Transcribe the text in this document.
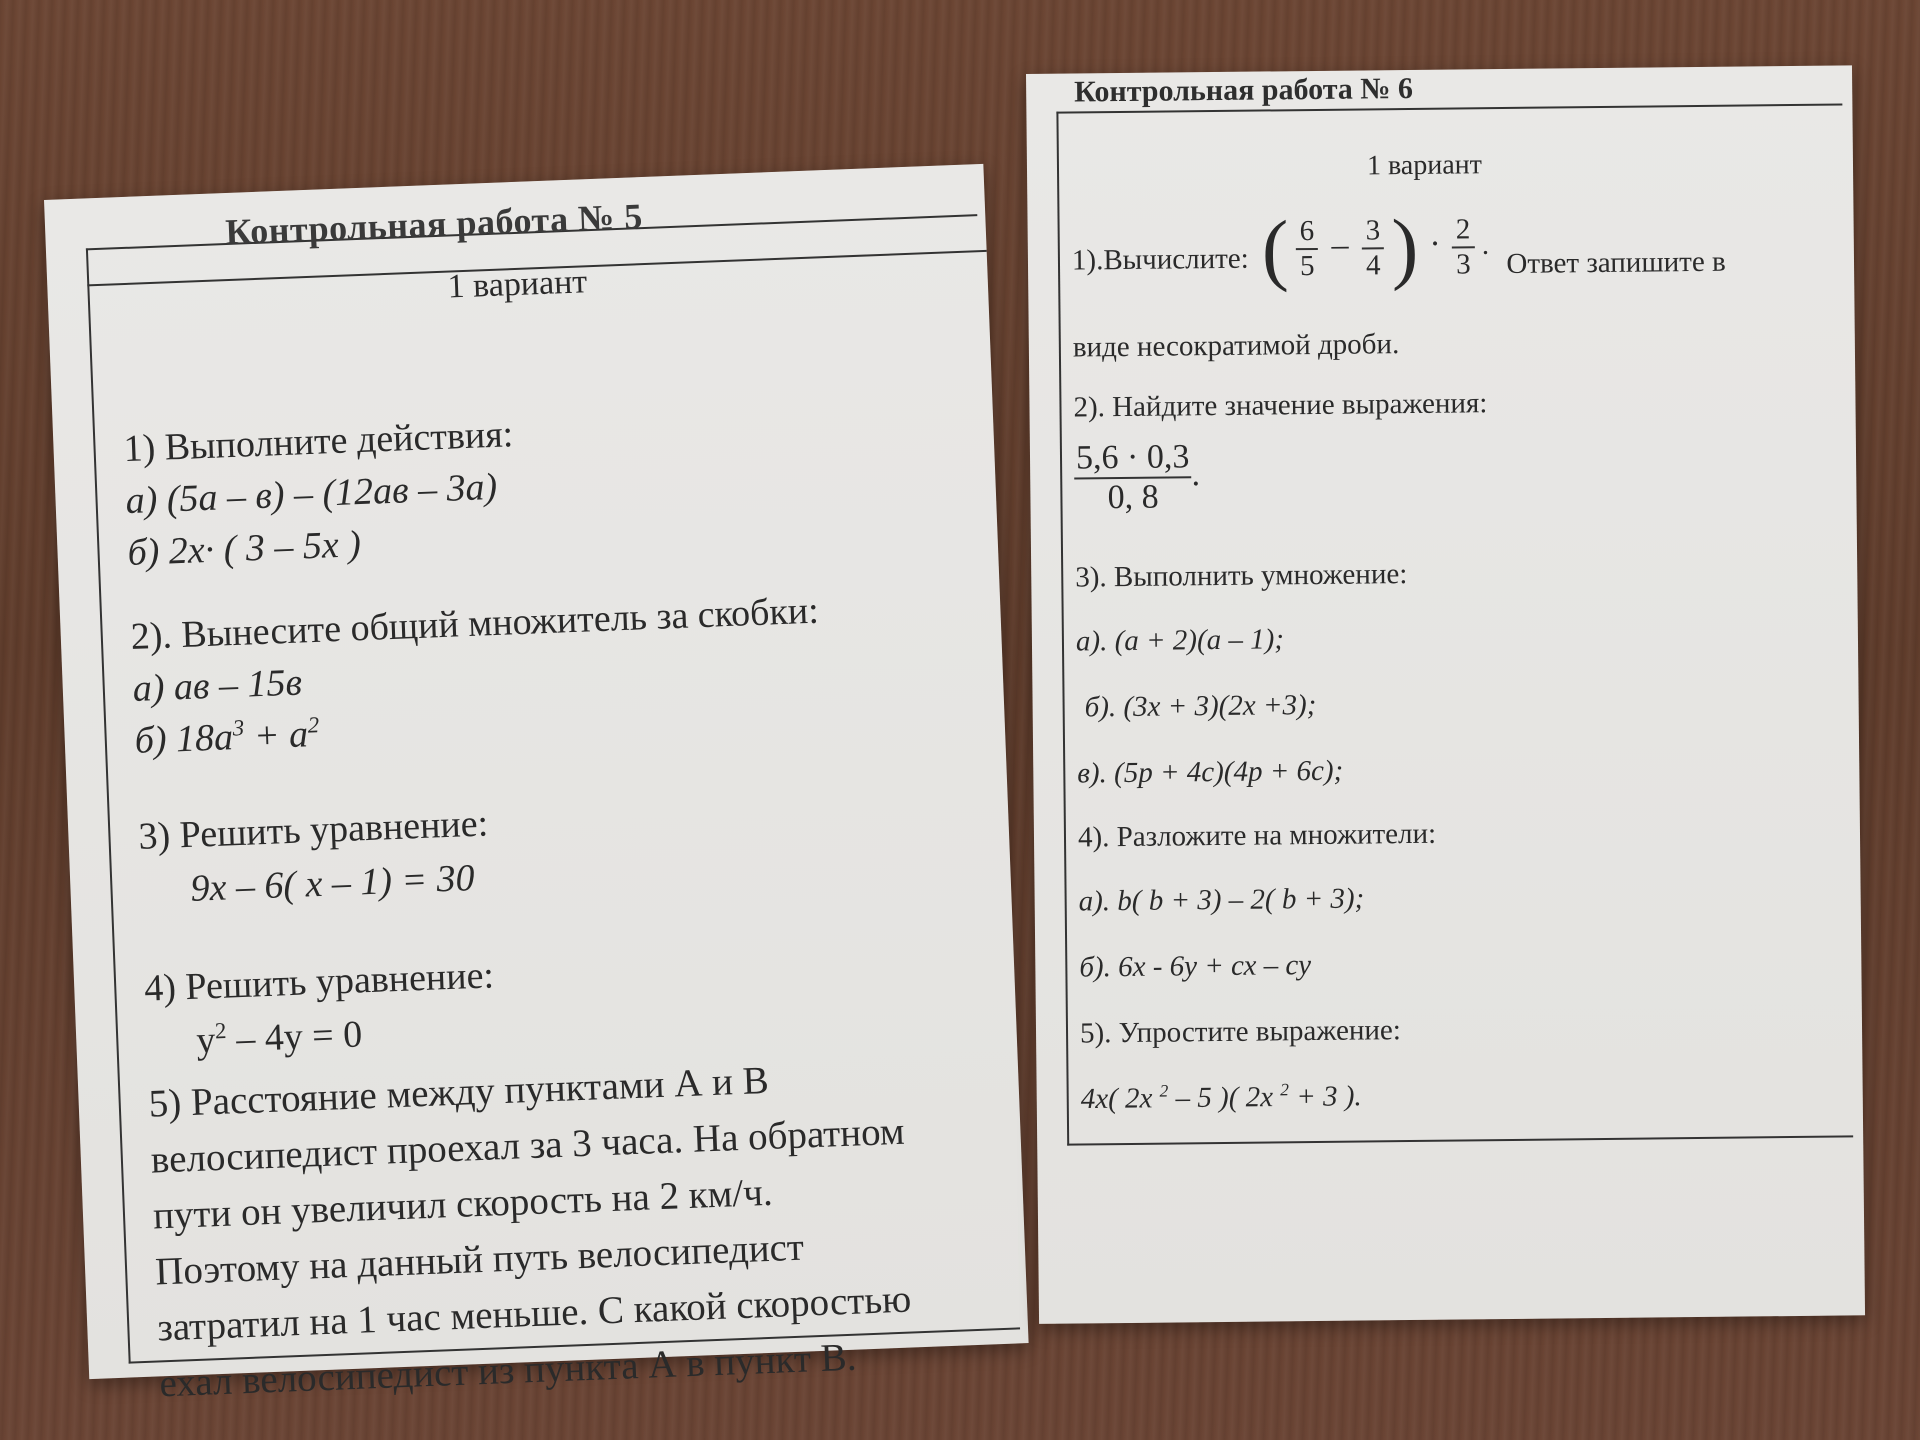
Контрольная работа № 5
1 вариант
1) Выполните действия:
а) (5а – в) – (12ав – 3а)
б) 2х· ( 3 – 5х )
2). Вынесите общий множитель за скобки:
а) ав – 15в
б) $18а^3 + а^2$
3) Решить уравнение:
9х – 6( х – 1) = 30
4) Решить уравнение:
$у^2 - 4у = 0$
5) Расстояние между пунктами А и В
велосипедист проехал за 3 часа. На обратном
пути он увеличил скорость на 2 км/ч.
Поэтому на данный путь велосипедист
затратил на 1 час меньше. С какой скоростью
ехал велосипедист из пункта А в пункт В.
Контрольная работа № 6
1 вариант
1).Вычислите: ( $\frac{6}{5} - \frac{3}{4}$ ) · $\frac{2}{3}$ . Ответ запишите в
виде несократимой дроби.
2). Найдите значение выражения:
$\frac{5,6 \cdot 0,3}{0, 8}$ .
3). Выполнить умножение:
а). (а + 2)(а – 1);
б). (3х + 3)(2х +3);
в). (5р + 4с)(4р + 6с);
4). Разложите на множители:
а). b( b + 3) – 2( b + 3);
б). 6х - 6у + сх – су
5). Упростите выражение:
4х( 2х $^2$ – 5 )( 2х $^2$ + 3 ).
